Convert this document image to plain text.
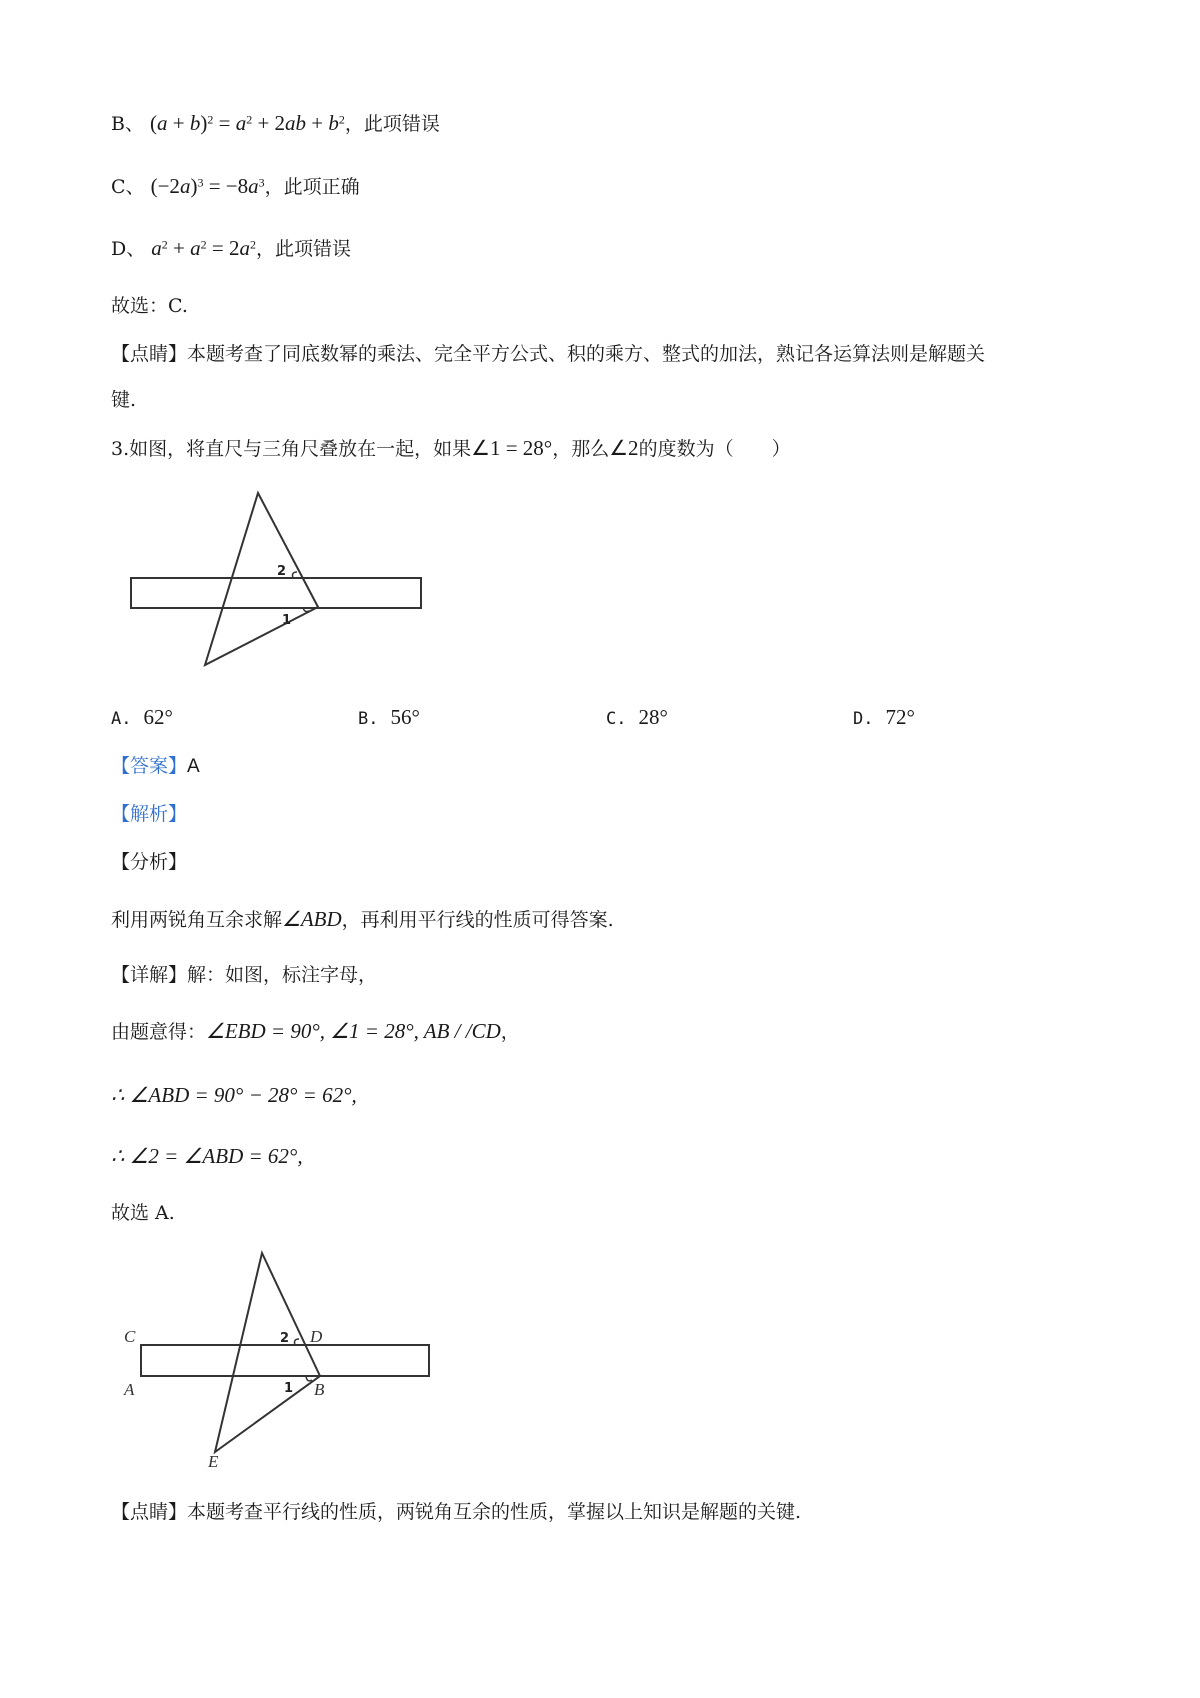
B、 $(a + b)^2 = a^2 + 2ab + b^2$，此项错误
C、 $(-2a)^3 = -8a^3$，此项正确
D、 $a^2 + a^2 = 2a^2$，此项错误
故选：C.
【点睛】本题考查了同底数幂的乘法、完全平方公式、积的乘方、整式的加法，熟记各运算法则是解题关
键.
3.如图，将直尺与三角尺叠放在一起，如果∠1 = 28°，那么∠2的度数为（　　）
2
1
A. 62°	B. 56°	C. 28°	D. 72°
【答案】A
【解析】
【分析】
利用两锐角互余求解∠ABD，再利用平行线的性质可得答案.
【详解】解：如图，标注字母，
由题意得：∠EBD = 90°, ∠1 = 28°, AB / /CD，
∴ ∠ABD = 90° − 28° = 62°,
∴ ∠2 = ∠ABD = 62°,
故选 A.
2
1
C	D
A	B
E
【点睛】本题考查平行线的性质，两锐角互余的性质，掌握以上知识是解题的关键.
